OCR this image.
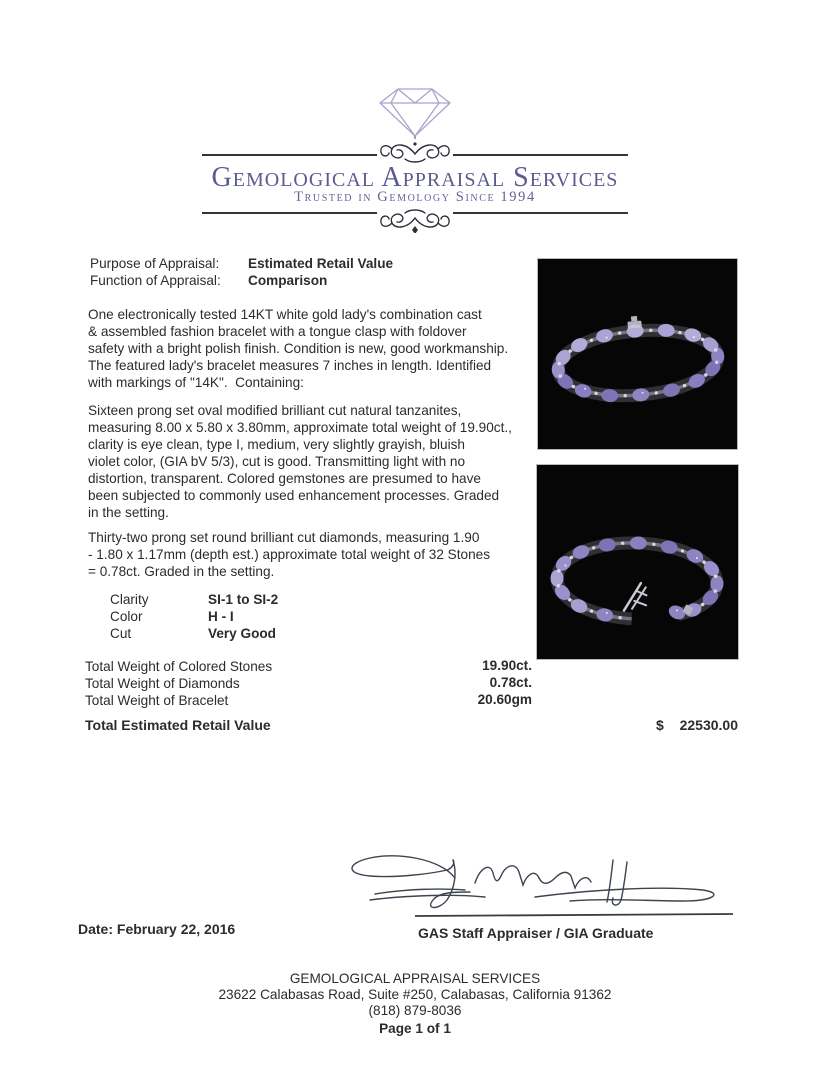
Gemological Appraisal Services
Trusted in Gemology Since 1994
Purpose of Appraisal: Estimated Retail Value
Function of Appraisal: Comparison
One electronically tested 14KT white gold lady's combination cast
& assembled fashion bracelet with a tongue clasp with foldover
safety with a bright polish finish. Condition is new, good workmanship.
The featured lady's bracelet measures 7 inches in length. Identified
with markings of "14K".  Containing:
Sixteen prong set oval modified brilliant cut natural tanzanites,
measuring 8.00 x 5.80 x 3.80mm, approximate total weight of 19.90ct.,
clarity is eye clean, type I, medium, very slightly grayish, bluish
violet color, (GIA bV 5/3), cut is good. Transmitting light with no
distortion, transparent. Colored gemstones are presumed to have
been subjected to commonly used enhancement processes. Graded
in the setting.
Thirty-two prong set round brilliant cut diamonds, measuring 1.90
- 1.80 x 1.17mm (depth est.) approximate total weight of 32 Stones
= 0.78ct. Graded in the setting.
Clarity	SI-1 to SI-2
Color	H - I
Cut	Very Good
Total Weight of Colored Stones	19.90ct.
Total Weight of Diamonds	0.78ct.
Total Weight of Bracelet	20.60gm
Total Estimated Retail Value	$	22530.00
Date: February 22, 2016	GAS Staff Appraiser / GIA Graduate
GEMOLOGICAL APPRAISAL SERVICES
23622 Calabasas Road, Suite #250, Calabasas, California 91362
(818) 879-8036
Page 1 of 1
